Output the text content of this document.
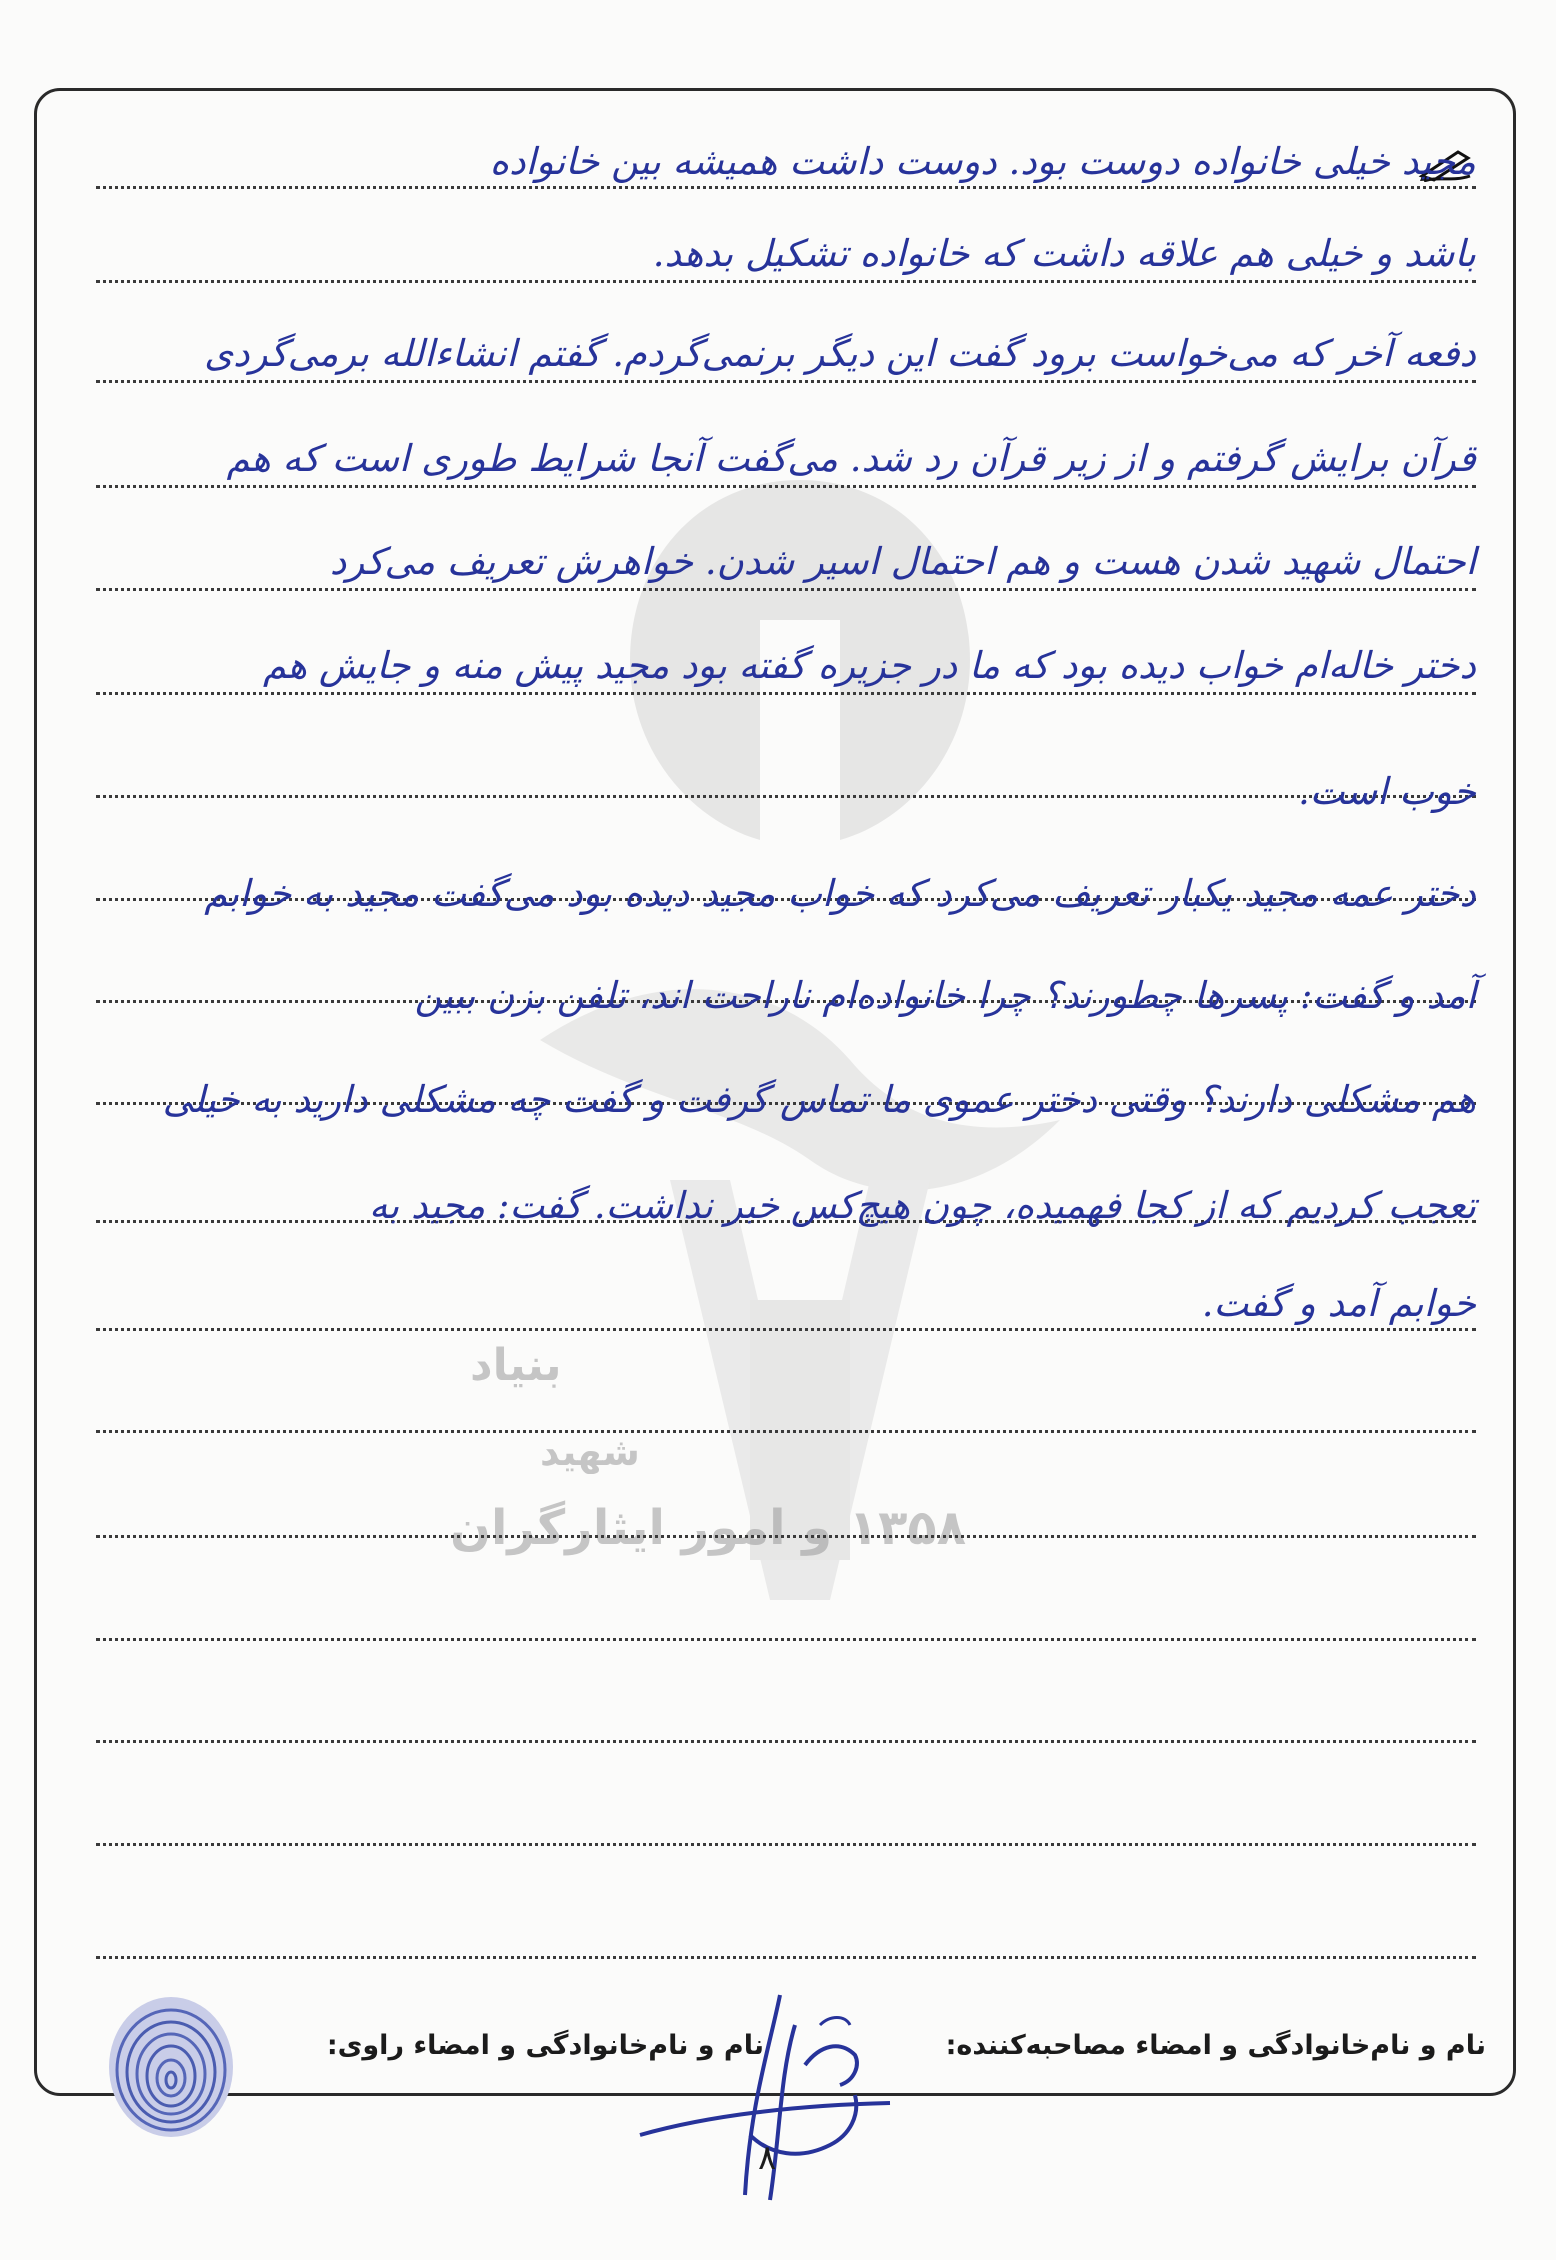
بنیاد
شهید
۱۳۵۸ و امور ایثارگران
مجید خیلی خانواده دوست بود. دوست داشت همیشه بین خانواده
باشد و خیلی هم علاقه داشت که خانواده تشکیل بدهد.
دفعه آخر که می‌خواست برود گفت این دیگر برنمی‌گردم. گفتم انشاءالله برمی‌گردی
قرآن برایش گرفتم و از زیر قرآن رد شد. می‌گفت آنجا شرایط طوری است که هم
احتمال شهید شدن هست و هم احتمال اسیر شدن. خواهرش تعریف می‌کرد
دختر خاله‌ام خواب دیده بود که ما در جزیره گفته بود مجید پیش منه و جایش هم
خوب است.
دختر عمه مجید یکبار تعریف می‌کرد که خواب مجید دیده بود می‌گفت مجید به خوابم
آمد و گفت: پسرها چطورند؟ چرا خانواده‌ام ناراحت اند، تلفن بزن ببین
هم مشکلی دارند؟ وقتی دختر عموی ما تماس گرفت و گفت چه مشکلی دارید به خیلی
تعجب کردیم که از کجا فهمیده، چون هیچ‌کس خبر نداشت. گفت: مجید به
خوابم آمد و گفت.
نام و نام‌خانوادگی و امضاء مصاحبه‌کننده:
نام و نام‌خانوادگی و امضاء راوی:
۸
